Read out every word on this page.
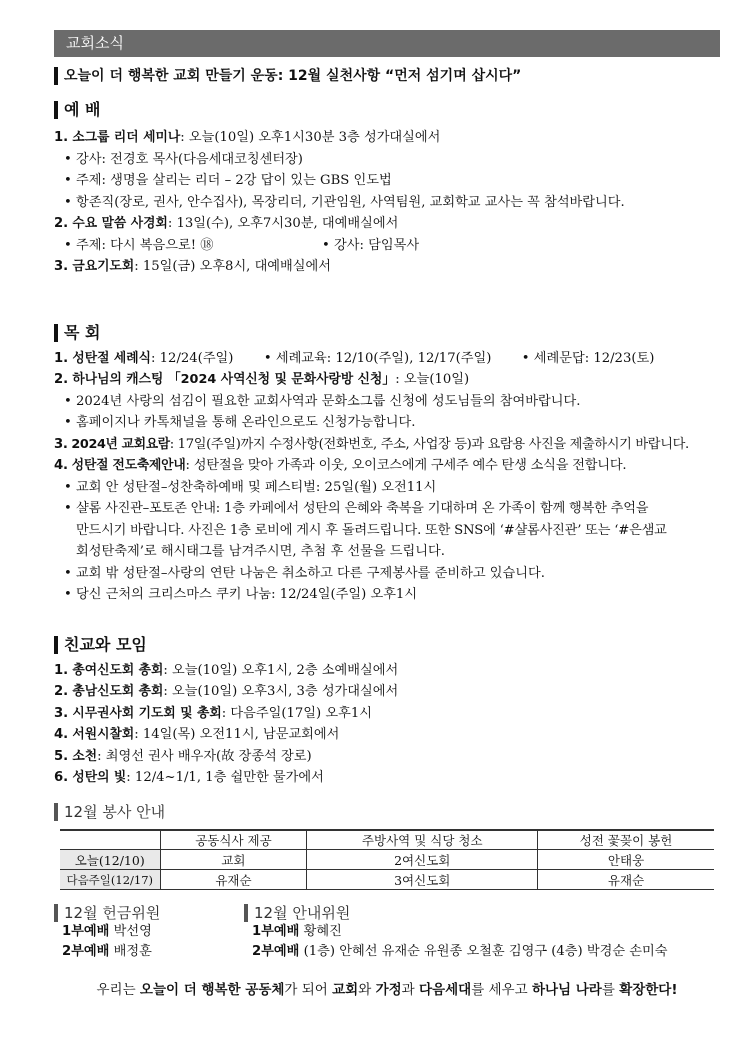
교회소식
오늘이 더 행복한 교회 만들기 운동: 12월 실천사항 “먼저 섬기며 삽시다”
예 배
1. 소그룹 리더 세미나: 오늘(10일) 오후1시30분 3층 성가대실에서
• 강사: 전경호 목사(다음세대코칭센터장)
• 주제: 생명을 살리는 리더 – 2강 답이 있는 GBS 인도법
• 항존직(장로, 권사, 안수집사), 목장리더, 기관임원, 사역팀원, 교회학교 교사는 꼭 참석바랍니다.
2. 수요 말씀 사경회: 13일(수), 오후7시30분, 대예배실에서
• 주제: 다시 복음으로! ⑱	• 강사: 담임목사
3. 금요기도회: 15일(금) 오후8시, 대예배실에서
목 회
1. 성탄절 세례식: 12/24(주일) • 세례교육: 12/10(주일), 12/17(주일) • 세례문답: 12/23(토)
2. 하나님의 캐스팅 「2024 사역신청 및 문화사랑방 신청」: 오늘(10일)
• 2024년 사랑의 섬김이 필요한 교회사역과 문화소그룹 신청에 성도님들의 참여바랍니다.
• 홈페이지나 카톡채널을 통해 온라인으로도 신청가능합니다.
3. 2024년 교회요람: 17일(주일)까지 수정사항(전화번호, 주소, 사업장 등)과 요람용 사진을 제출하시기 바랍니다.
4. 성탄절 전도축제안내: 성탄절을 맞아 가족과 이웃, 오이코스에게 구세주 예수 탄생 소식을 전합니다.
• 교회 안 성탄절–성찬축하예배 및 페스티벌: 25일(월) 오전11시
• 샬롬 사진관–포토존 안내: 1층 카페에서 성탄의 은혜와 축복을 기대하며 온 가족이 함께 행복한 추억을
만드시기 바랍니다. 사진은 1층 로비에 게시 후 돌려드립니다. 또한 SNS에 ‘#샬롬사진관’ 또는 ‘#은샘교
회성탄축제’로 해시태그를 남겨주시면, 추첨 후 선물을 드립니다.
• 교회 밖 성탄절–사랑의 연탄 나눔은 취소하고 다른 구제봉사를 준비하고 있습니다.
• 당신 근처의 크리스마스 쿠키 나눔: 12/24일(주일) 오후1시
친교와 모임
1. 총여신도회 총회: 오늘(10일) 오후1시, 2층 소예배실에서
2. 총남신도회 총회: 오늘(10일) 오후3시, 3층 성가대실에서
3. 시무권사회 기도회 및 총회: 다음주일(17일) 오후1시
4. 서원시찰회: 14일(목) 오전11시, 남문교회에서
5. 소천: 최영선 권사 배우자(故 장종석 장로)
6. 성탄의 빛: 12/4~1/1, 1층 쉴만한 물가에서
12월 봉사 안내
	공동식사 제공	주방사역 및 식당 청소	성전 꽃꽂이 봉헌
오늘(12/10)	교회	2여신도회	안태웅
다음주일(12/17)	유재순	3여신도회	유재순
12월 헌금위원
1부예배 박선영
2부예배 배정훈
12월 안내위원
1부예배 황혜진
2부예배 (1층) 안혜선 유재순 유원종 오철훈 김영구 (4층) 박경순 손미숙
우리는 오늘이 더 행복한 공동체가 되어 교회와 가정과 다음세대를 세우고 하나님 나라를 확장한다!
